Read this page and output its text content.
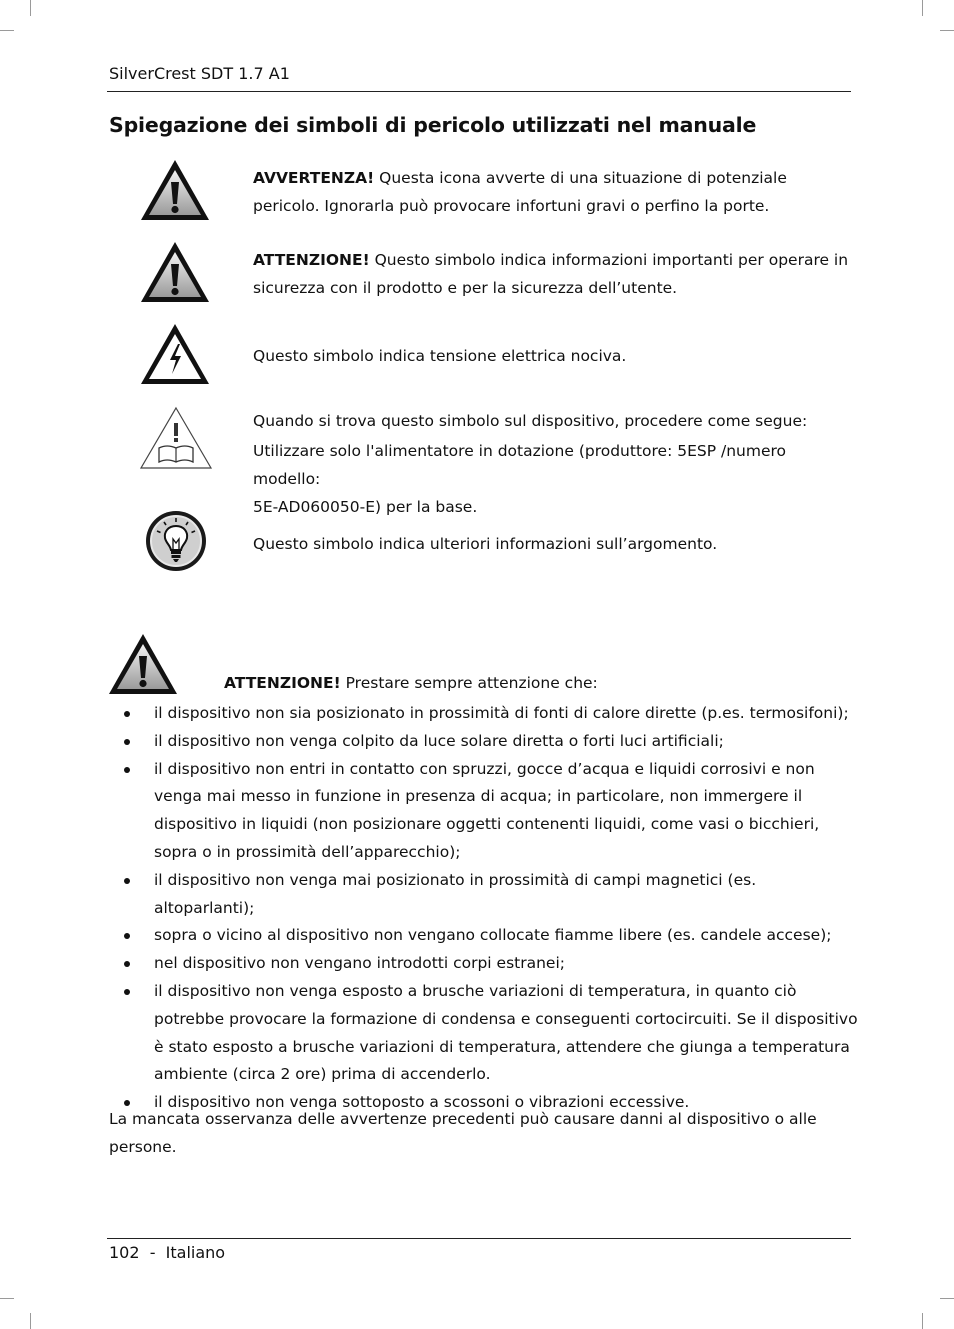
SilverCrest SDT 1.7 A1
Spiegazione dei simboli di pericolo utilizzati nel manuale
AVVERTENZA! Questa icona avverte di una situazione di potenziale
pericolo. Ignorarla può provocare infortuni gravi o perfino la porte.
ATTENZIONE! Questo simbolo indica informazioni importanti per operare in
sicurezza con il prodotto e per la sicurezza dell’utente.
Questo simbolo indica tensione elettrica nociva.
Quando si trova questo simbolo sul dispositivo, procedere come segue:
Utilizzare solo l'alimentatore in dotazione (produttore: 5ESP /numero modello:
5E-AD060050-E) per la base.
Questo simbolo indica ulteriori informazioni sull’argomento.
ATTENZIONE! Prestare sempre attenzione che:
il dispositivo non sia posizionato in prossimità di fonti di calore dirette (p.es. termosifoni);
il dispositivo non venga colpito da luce solare diretta o forti luci artificiali;
il dispositivo non entri in contatto con spruzzi, gocce d’acqua e liquidi corrosivi e non venga mai messo in funzione in presenza di acqua; in particolare, non immergere il dispositivo in liquidi (non posizionare oggetti contenenti liquidi, come vasi o bicchieri, sopra o in prossimità dell’apparecchio);
il dispositivo non venga mai posizionato in prossimità di campi magnetici (es. altoparlanti);
sopra o vicino al dispositivo non vengano collocate fiamme libere (es. candele accese);
nel dispositivo non vengano introdotti corpi estranei;
il dispositivo non venga esposto a brusche variazioni di temperatura, in quanto ciò potrebbe provocare la formazione di condensa e conseguenti cortocircuiti. Se il dispositivo è stato esposto a brusche variazioni di temperatura, attendere che giunga a temperatura ambiente (circa 2 ore) prima di accenderlo.
il dispositivo non venga sottoposto a scossoni o vibrazioni eccessive.
La mancata osservanza delle avvertenze precedenti può causare danni al dispositivo o alle persone.
102 - Italiano
